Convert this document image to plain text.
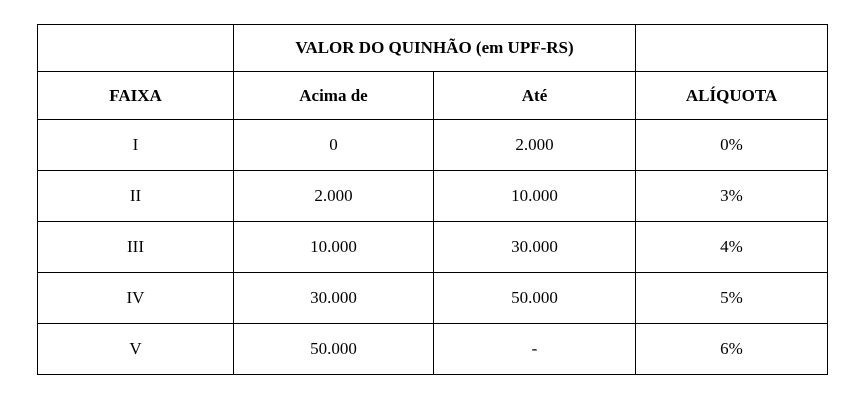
	VALOR DO QUINHÃO (em UPF-RS)		
FAIXA	Acima de	Até	ALÍQUOTA
I	0	2.000	0%
II	2.000	10.000	3%
III	10.000	30.000	4%
IV	30.000	50.000	5%
V	50.000	-	6%
